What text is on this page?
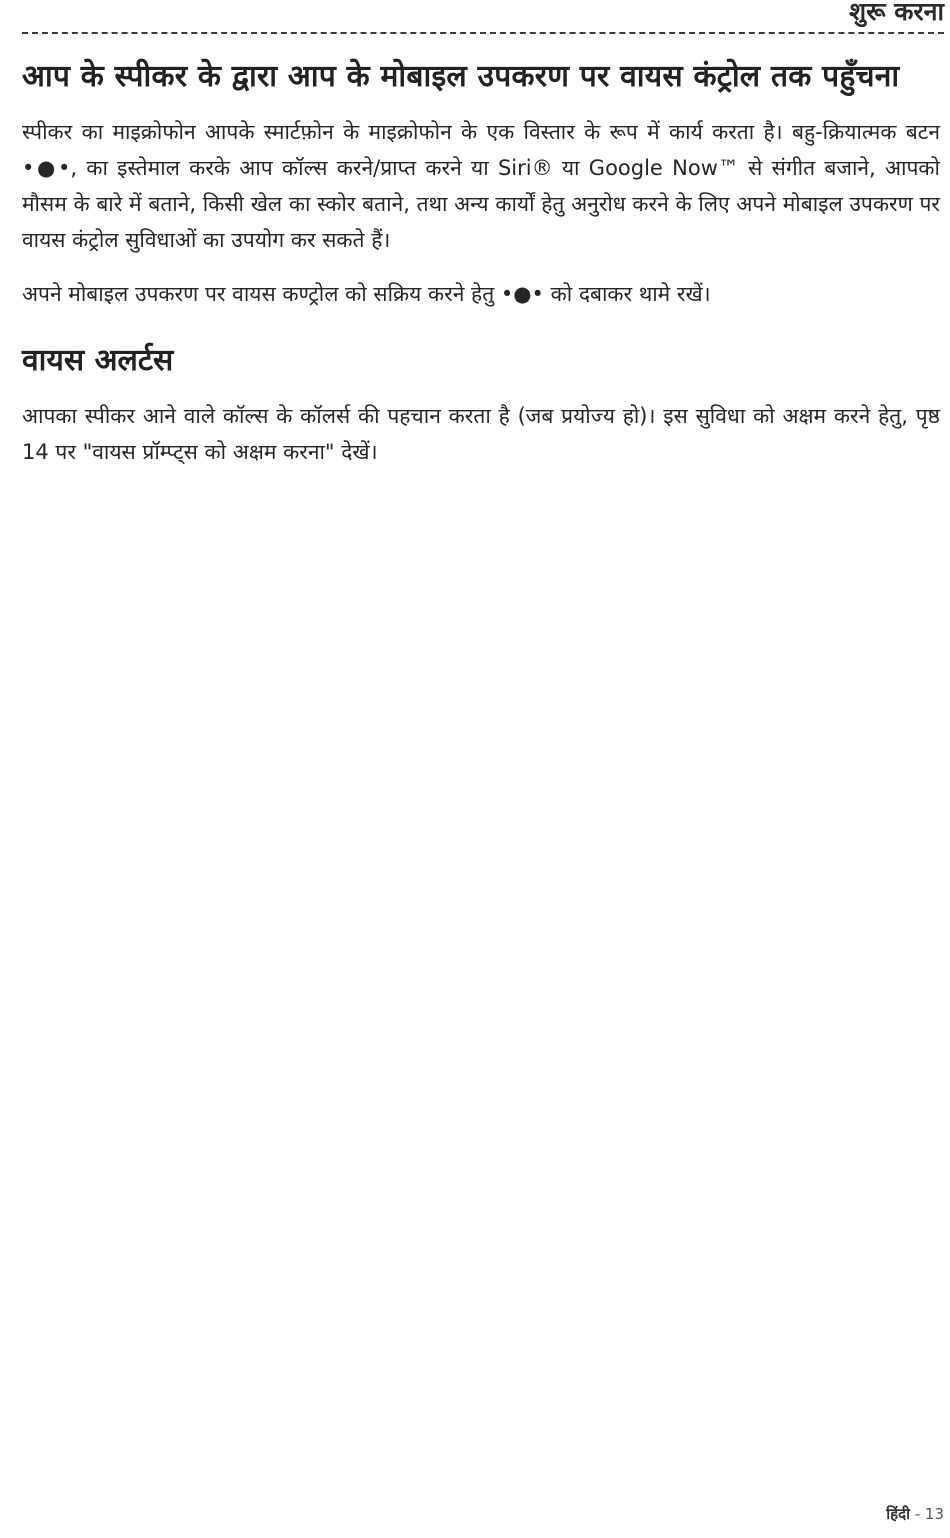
शुरू करना
आप के स्पीकर के द्वारा आप के मोबाइल उपकरण पर वायस कंट्रोल तक पहुँचना

स्पीकर का माइक्रोफोन आपके स्मार्टफ़ोन के माइक्रोफोन के एक विस्तार के रूप में कार्य करता है। बहु-क्रियात्मक बटन •●•, का इस्तेमाल करके आप कॉल्स करने/प्राप्त करने या Siri® या Google Now™ से संगीत बजाने, आपको मौसम के बारे में बताने, किसी खेल का स्कोर बताने, तथा अन्य कार्यों हेतु अनुरोध करने के लिए अपने मोबाइल उपकरण पर वायस कंट्रोल सुविधाओं का उपयोग कर सकते हैं।

अपने मोबाइल उपकरण पर वायस कण्ट्रोल को सक्रिय करने हेतु •●• को दबाकर थामे रखें।

वायस अलर्टस

आपका स्पीकर आने वाले कॉल्स के कॉलर्स की पहचान करता है (जब प्रयोज्य हो)। इस सुविधा को अक्षम करने हेतु, पृष्ठ 14 पर "वायस प्रॉम्प्ट्स को अक्षम करना" देखें।

हिंदी - 13
